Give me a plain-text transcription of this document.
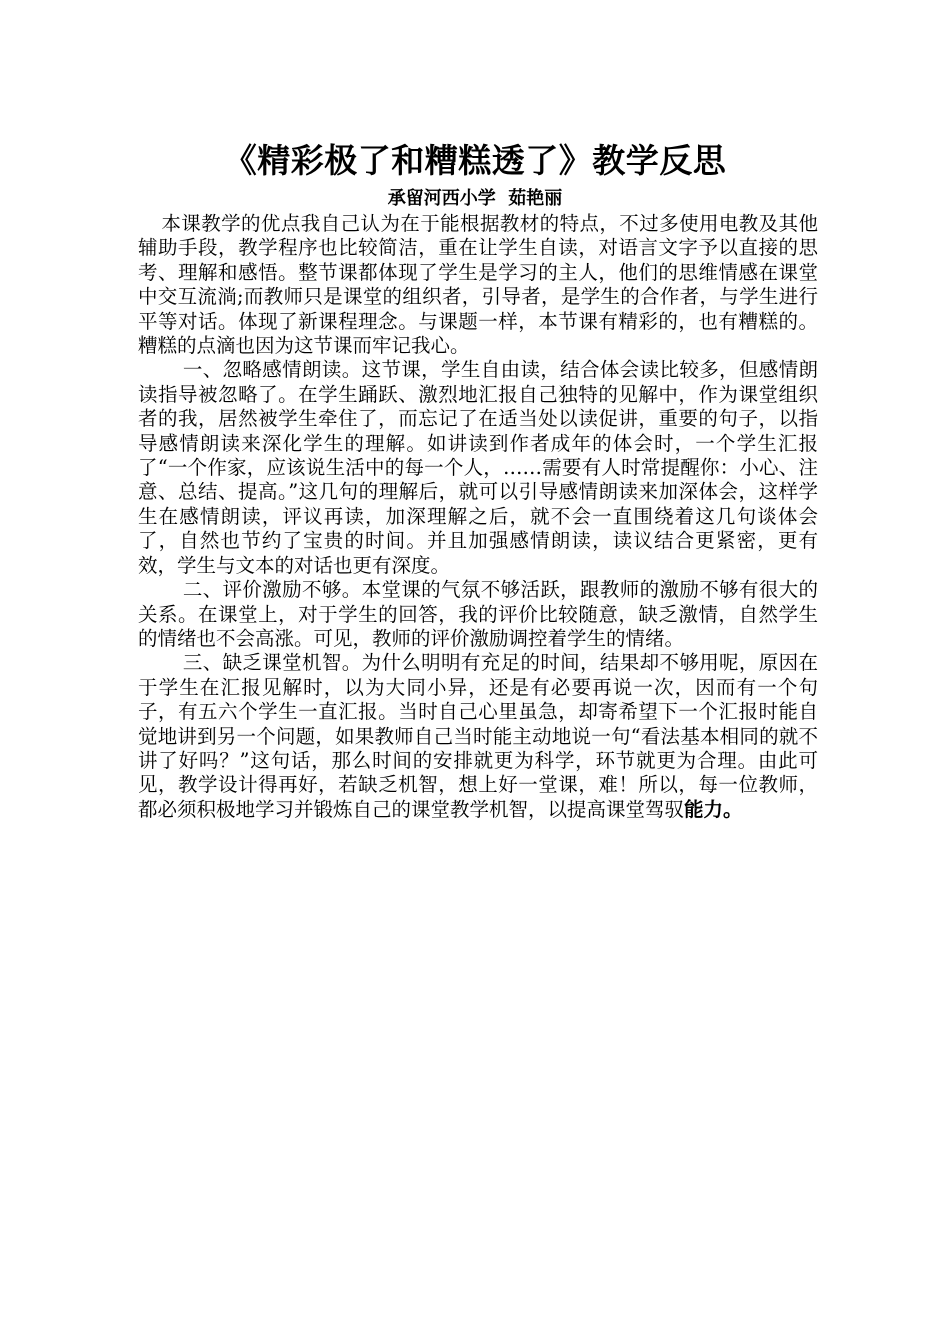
《精彩极了和糟糕透了》教学反思

承留河西小学  茹艳丽

本课教学的优点我自己认为在于能根据教材的特点，不过多使用电教及其他辅助手段，教学程序也比较简洁，重在让学生自读，对语言文字予以直接的思考、理解和感悟。整节课都体现了学生是学习的主人，他们的思维情感在课堂中交互流淌;而教师只是课堂的组织者，引导者，是学生的合作者，与学生进行平等对话。体现了新课程理念。与课题一样，本节课有精彩的，也有糟糕的。糟糕的点滴也因为这节课而牢记我心。

一、忽略感情朗读。这节课，学生自由读，结合体会读比较多，但感情朗读指导被忽略了。在学生踊跃、激烈地汇报自己独特的见解中，作为课堂组织者的我，居然被学生牵住了，而忘记了在适当处以读促讲，重要的句子，以指导感情朗读来深化学生的理解。如讲读到作者成年的体会时，一个学生汇报了“一个作家，应该说生活中的每一个人，……需要有人时常提醒你：小心、注意、总结、提高。”这几句的理解后，就可以引导感情朗读来加深体会，这样学生在感情朗读，评议再读，加深理解之后，就不会一直围绕着这几句谈体会了，自然也节约了宝贵的时间。并且加强感情朗读，读议结合更紧密，更有效，学生与文本的对话也更有深度。

二、评价激励不够。本堂课的气氛不够活跃，跟教师的激励不够有很大的关系。在课堂上，对于学生的回答，我的评价比较随意，缺乏激情，自然学生的情绪也不会高涨。可见，教师的评价激励调控着学生的情绪。

三、缺乏课堂机智。为什么明明有充足的时间，结果却不够用呢，原因在于学生在汇报见解时，以为大同小异，还是有必要再说一次，因而有一个句子，有五六个学生一直汇报。当时自己心里虽急，却寄希望下一个汇报时能自觉地讲到另一个问题，如果教师自己当时能主动地说一句“看法基本相同的就不讲了好吗？”这句话，那么时间的安排就更为科学，环节就更为合理。由此可见，教学设计得再好，若缺乏机智，想上好一堂课，难！所以，每一位教师，都必须积极地学习并锻炼自己的课堂教学机智，以提高课堂驾驭能力。
